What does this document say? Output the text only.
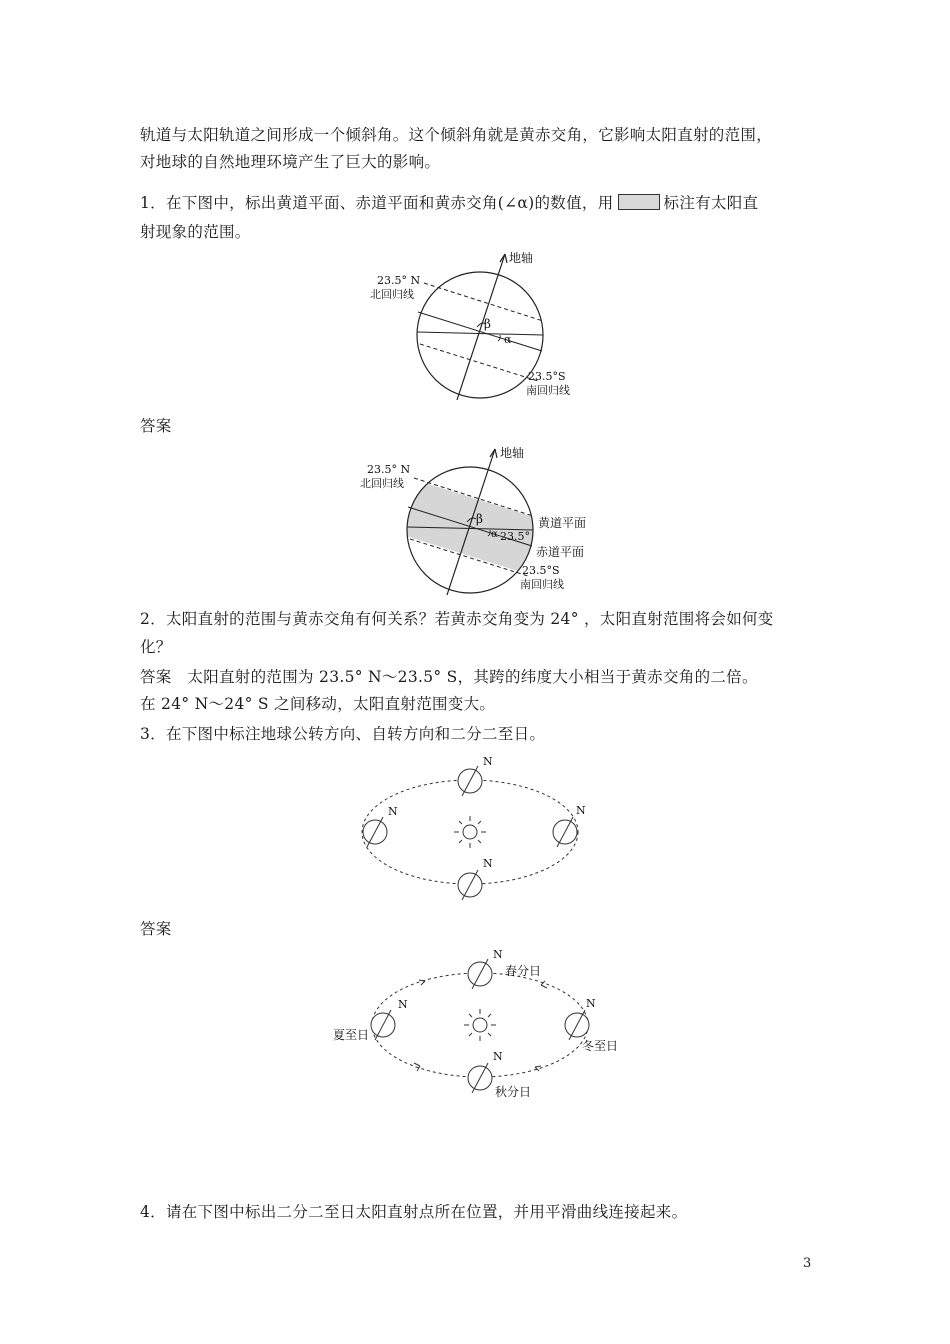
轨道与太阳轨道之间形成一个倾斜角。这个倾斜角就是黄赤交角，它影响太阳直射的范围，
对地球的自然地理环境产生了巨大的影响。
1．在下图中，标出黄道平面、赤道平面和黄赤交角(∠α)的数值，用	标注有太阳直
射现象的范围。
地轴
23.5° N
北回归线
β
α
23.5°S
南回归线
答案
地轴
23.5° N
北回归线
β
α 23.5°
黄道平面
赤道平面
23.5°S
南回归线
2．太阳直射的范围与黄赤交角有何关系？若黄赤交角变为 24° ，太阳直射范围将会如何变
化？
答案　太阳直射的范围为 23.5° N～23.5° S，其跨的纬度大小相当于黄赤交角的二倍。
在 24° N～24° S 之间移动，太阳直射范围变大。
3．在下图中标注地球公转方向、自转方向和二分二至日。
N
N	N
N
答案
N
N	N
N
春分日
夏至日
冬至日
秋分日
4．请在下图中标出二分二至日太阳直射点所在位置，并用平滑曲线连接起来。
3
